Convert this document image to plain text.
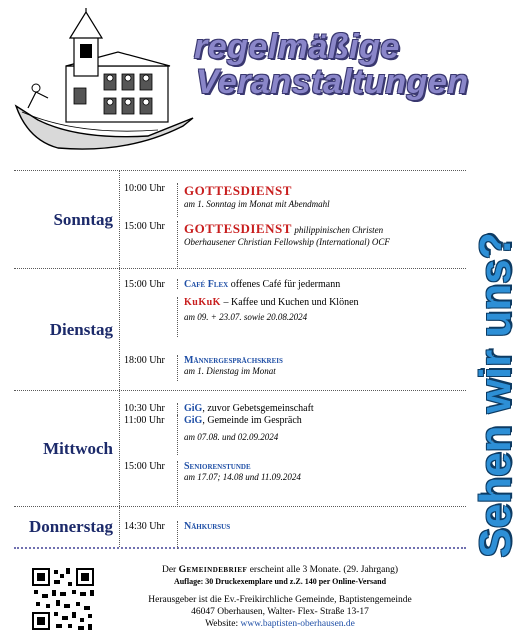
regelmäßige
Veranstaltungen
Sehen wir uns?
Sonntag
10:00 Uhr	GOTTESDIENST
am 1. Sonntag im Monat mit Abendmahl
15:00 Uhr	GOTTESDIENST philippinischen Christen
Oberhausener Christian Fellowship (International) OCF
Dienstag
15:00 Uhr	Café Flex offenes Café für jedermann
KuKuK – Kaffee und Kuchen und Klönen
am 09. + 23.07. sowie 20.08.2024
18:00 Uhr	Männergesprächskreis
am 1. Dienstag im Monat
Mittwoch
10:30 Uhr	GiG, zuvor Gebetsgemeinschaft
11:00 Uhr	GiG, Gemeinde im Gespräch
am 07.08. und 02.09.2024
15:00 Uhr	Seniorenstunde
am 17.07; 14.08 und 11.09.2024
Donnerstag	14:30 Uhr	Nähkursus
Der Gemeindebrief erscheint alle 3 Monate. (29. Jahrgang)
Auflage: 30 Druckexemplare und z.Z. 140 per Online-Versand
Herausgeber ist die Ev.-Freikirchliche Gemeinde, Baptistengemeinde
46047 Oberhausen, Walter- Flex- Straße 13-17
Website: www.baptisten-oberhausen.de
